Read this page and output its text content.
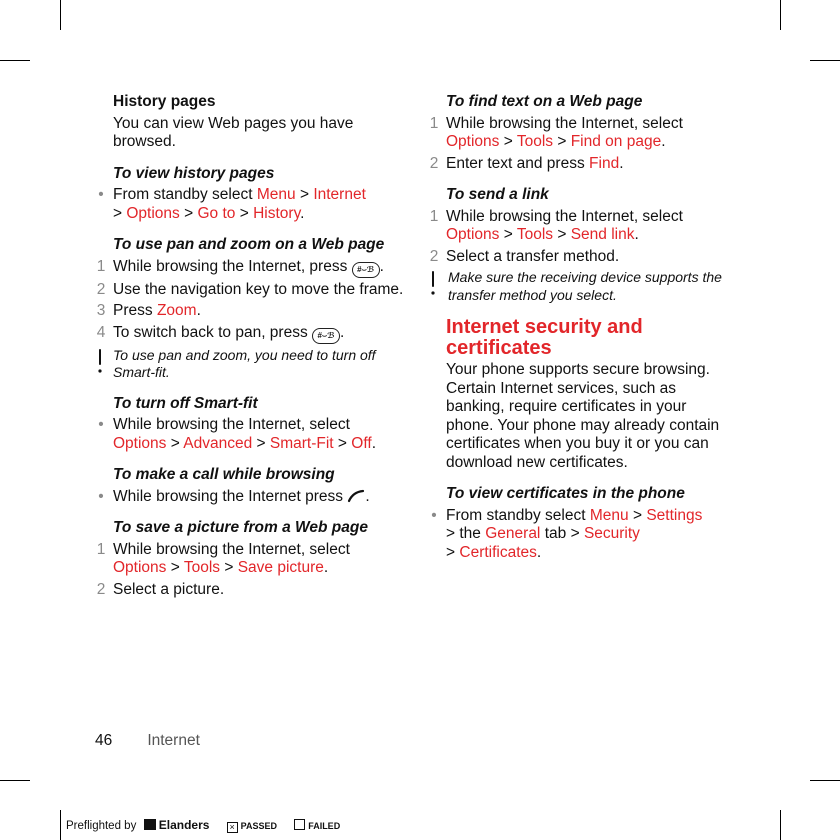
History pages
You can view Web pages you have browsed.
To view history pages
• From standby select Menu > Internet
> Options > Go to > History.
To use pan and zoom on a Web page
1 While browsing the Internet, press #⌣ℬ .
2 Use the navigation key to move the frame.
3 Press Zoom.
4 To switch back to pan, press #⌣ℬ .
To use pan and zoom, you need to turn off Smart-fit.
To turn off Smart-fit
• While browsing the Internet, select
Options > Advanced > Smart-Fit > Off.
To make a call while browsing
• While browsing the Internet press .
To save a picture from a Web page
1 While browsing the Internet, select
Options > Tools > Save picture.
2 Select a picture.
To find text on a Web page
1 While browsing the Internet, select
Options > Tools > Find on page.
2 Enter text and press Find.
To send a link
1 While browsing the Internet, select
Options > Tools > Send link.
2 Select a transfer method.
Make sure the receiving device supports the transfer method you select.
Internet security and certificates
Your phone supports secure browsing. Certain Internet services, such as banking, require certificates in your phone. Your phone may already contain certificates when you buy it or you can download new certificates.
To view certificates in the phone
• From standby select Menu > Settings
> the General tab > Security
> Certificates.
46 Internet
Preflighted by Elanders × PASSED	FAILED
